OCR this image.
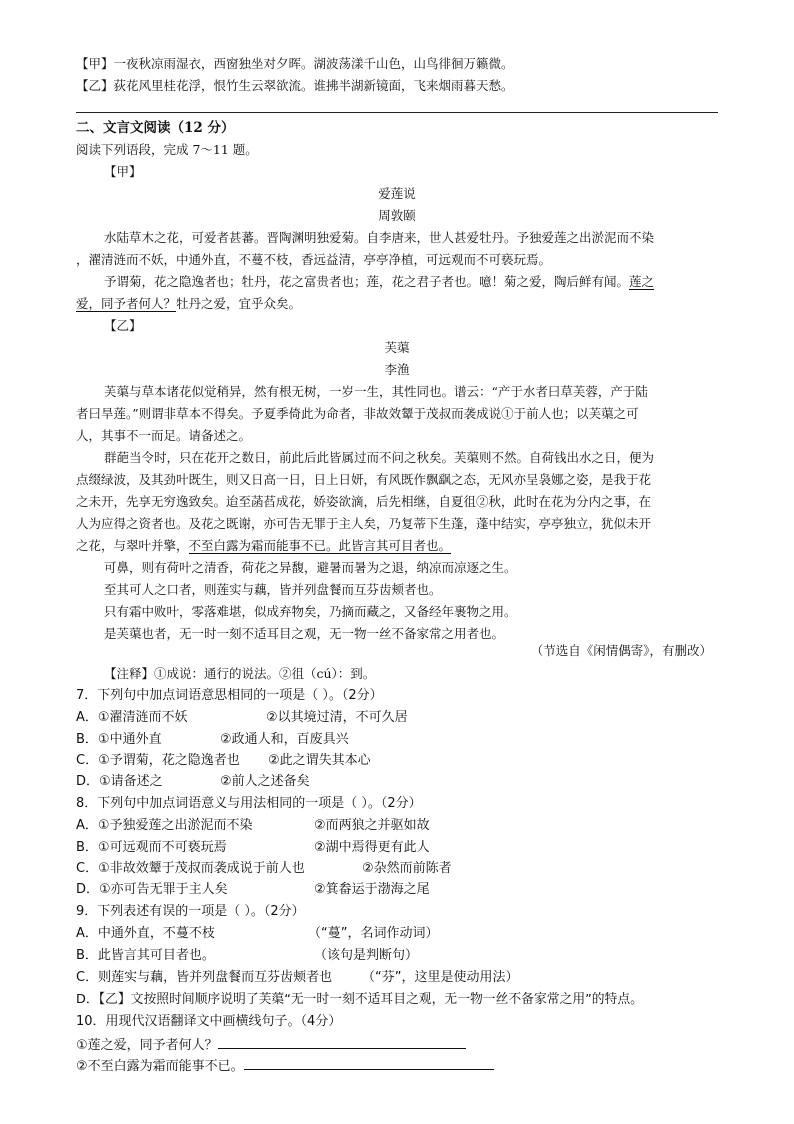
【甲】一夜秋凉雨湿衣，西窗独坐对夕晖。湖波荡漾千山色，山鸟徘徊万籁微。
【乙】荻花风里桂花浮，恨竹生云翠欲流。谁拂半湖新镜面，飞来烟雨暮天愁。
二、文言文阅读（12 分）
阅读下列语段，完成 7～11 题。
【甲】
爱莲说
周敦颐
水陆草木之花，可爱者甚蕃。晋陶渊明独爱菊。自李唐来，世人甚爱牡丹。予独爱莲之出淤泥而不染
，濯清涟而不妖，中通外直，不蔓不枝，香远益清，亭亭净植，可远观而不可亵玩焉。
予谓菊，花之隐逸者也；牡丹，花之富贵者也；莲，花之君子者也。噫！菊之爱，陶后鲜有闻。莲之
爱，同予者何人？牡丹之爱，宜乎众矣。
【乙】
芙蕖
李渔
芙蕖与草本诸花似觉稍异，然有根无树，一岁一生，其性同也。谱云：“产于水者曰草芙蓉，产于陆
者曰旱莲。”则谓非草本不得矣。予夏季倚此为命者，非故效颦于茂叔而袭成说①于前人也；以芙蕖之可
人，其事不一而足。请备述之。
群葩当令时，只在花开之数日，前此后此皆属过而不问之秋矣。芙蕖则不然。自荷钱出水之日，便为
点缀绿波，及其劲叶既生，则又日高一日，日上日妍，有风既作飘飖之态，无风亦呈袅娜之姿，是我于花
之未开，先享无穷逸致矣。迨至菡萏成花，娇姿欲滴，后先相继，自夏徂②秋，此时在花为分内之事，在
人为应得之资者也。及花之既谢，亦可告无罪于主人矣，乃复蒂下生蓬，蓬中结实，亭亭独立，犹似未开
之花，与翠叶并擎，不至白露为霜而能事不已。此皆言其可目者也。
可鼻，则有荷叶之清香，荷花之异馥，避暑而暑为之退，纳凉而凉逐之生。
至其可人之口者，则莲实与藕，皆并列盘餐而互芬齿颊者也。
只有霜中败叶，零落难堪，似成弃物矣，乃摘而藏之，又备经年裹物之用。
是芙蕖也者，无一时一刻不适耳目之观，无一物一丝不备家常之用者也。
（节选自《闲情偶寄》，有删改）
【注释】①成说：通行的说法。②徂（cú）：到。
7．下列句中加点词语意思相同的一项是（ ）。（2分）
A．①濯清涟而不妖	②以其境过清，不可久居
B．①中通外直	②政通人和，百废具兴
C．①予谓菊，花之隐逸者也 ②此之谓失其本心
D．①请备述之	②前人之述备矣
8．下列句中加点词语意义与用法相同的一项是（ ）。（2分）
A．①予独爱莲之出淤泥而不染	②而两狼之并驱如故
B．①可远观而不可亵玩焉	②湖中焉得更有此人
C．①非故效颦于茂叔而袭成说于前人也	②杂然而前陈者
D．①亦可告无罪于主人矣	②箕畚运于渤海之尾
9．下列表述有误的一项是（ ）。（2分）
A．中通外直，不蔓不枝	（“蔓”，名词作动词）
B．此皆言其可目者也。	（该句是判断句）
C．则莲实与藕，皆并列盘餐而互芬齿颊者也 （“芬”，这里是使动用法）
D．【乙】文按照时间顺序说明了芙蕖“无一时一刻不适耳目之观，无一物一丝不备家常之用”的特点。
10．用现代汉语翻译文中画横线句子。（4分）
①莲之爱，同予者何人？
②不至白露为霜而能事不已。
